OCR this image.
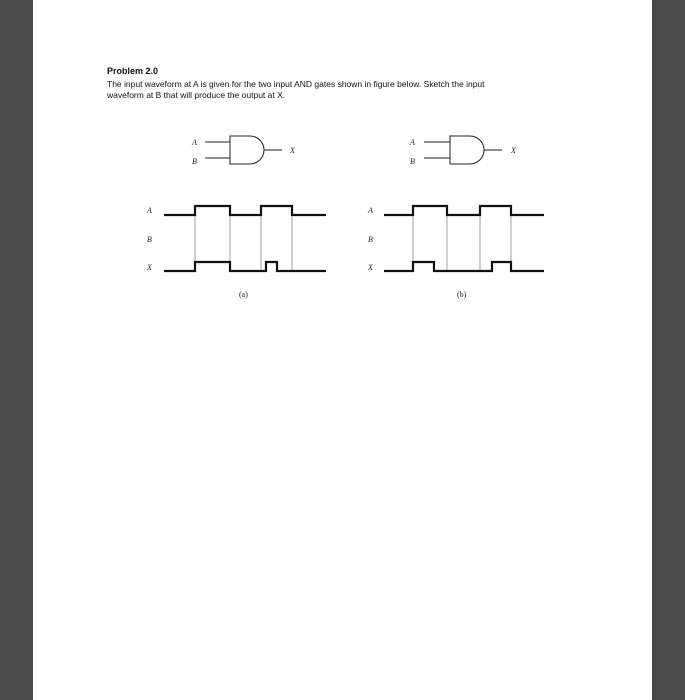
Problem 2.0

The input waveform at A is given for the two input AND gates shown in figure below. Sketch the input
waveform at B that will produce the output at X.
A
B
X
A
B
X
(a)
A
B
X
A
B
X
(b)
